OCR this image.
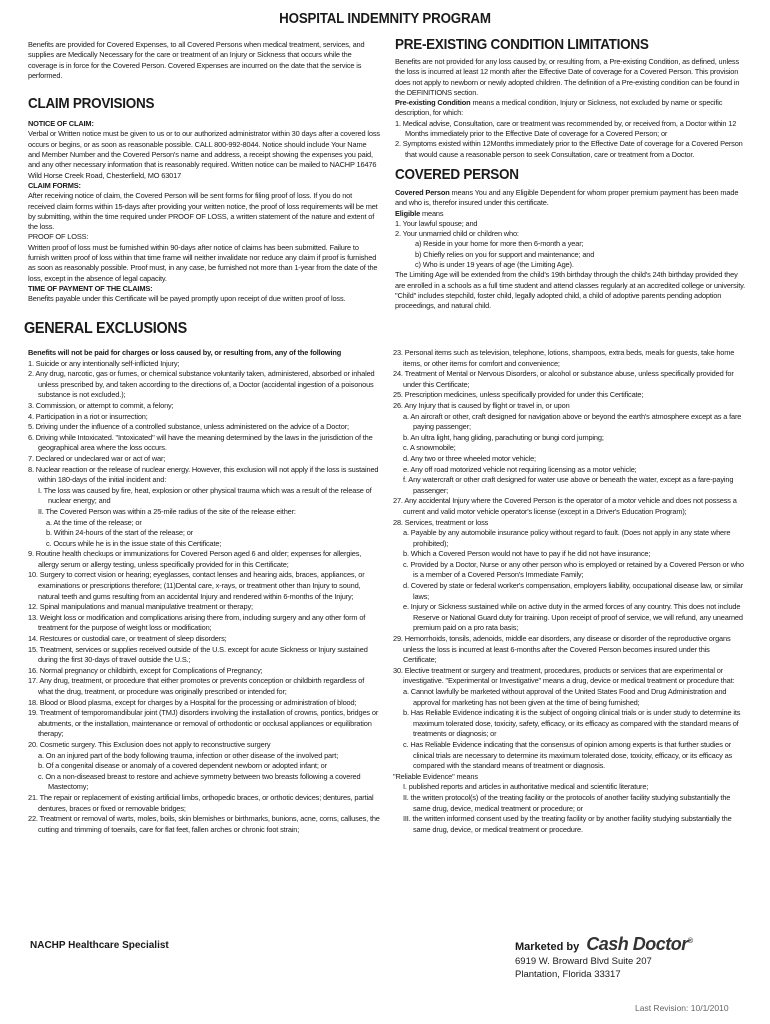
HOSPITAL INDEMNITY PROGRAM

Benefits are provided for Covered Expenses, to all Covered Persons when medical treatment, services, and supplies are Medically Necessary for the care or treatment of an Injury or Sickness that occurs while the coverage is in force for the Covered Person. Covered Expenses are incurred on the date that the service is performed.

CLAIM PROVISIONS

NOTICE OF CLAIM:

Verbal or Written notice must be given to us or to our authorized administrator within 30 days after a covered loss occurs or begins, or as soon as reasonable possible. CALL 800-992-8044. Notice should include Your Name and Member Number and the Covered Person's name and address, a receipt showing the expenses you paid, and any other necessary information that is reasonably required. Written notice can be mailed to NACHP 16476 Wild Horse Creek Road, Chesterfield, MO 63017

CLAIM FORMS:

After receiving notice of claim, the Covered Person will be sent forms for filing proof of loss. If you do not received claim forms within 15-days after providing your written notice, the proof of loss requirements will be met by submitting, within the time required under PROOF OF LOSS, a written statement of the nature and extent of the loss.

PROOF OF LOSS:

Written proof of loss must be furnished within 90-days after notice of claims has been submitted. Failure to furnish written proof of loss within that time frame will neither invalidate nor reduce any claim if proof is furnished as soon as reasonably possible. Proof must, in any case, be furnished not more than 1-year from the date of the loss, except in the absence of legal capacity.

TIME OF PAYMENT OF THE CLAIMS:

Benefits payable under this Certificate will be payed promptly upon receipt of due written proof of loss.

PRE-EXISTING CONDITION LIMITATIONS

Benefits are not provided for any loss caused by, or resulting from, a Pre-existing Condition, as defined, unless the loss is incurred at least 12 month after the Effective Date of coverage for a Covered Person. This provision does not apply to newborn or newly adopted children. The definition of a Pre-existing condition can be found in the DEFINITIONS section.

Pre-existing Condition means a medical condition, Injury or Sickness, not excluded by name or specific description, for which:

1. Medical advise, Consultation, care or treatment was recommended by, or received from, a Doctor within 12 Months immediately prior to the Effective Date of coverage for a Covered Person; or

2. Symptoms existed within 12Months immediately prior to the Effective Date of coverage for a Covered Person that would cause a reasonable person to seek Consultation, care or treatment from a Doctor.

COVERED PERSON

Covered Person means You and any Eligible Dependent for whom proper premium payment has been made and who is, therefor insured under this certificate.

Eligible means

1. Your lawful spouse; and

2. Your unmarried child or children who:

a) Reside in your home for more then 6-month a year;

b) Chiefly relies on you for support and maintenance; and

c) Who is under 19 years of age (the Limiting Age).

The Limiting Age will be extended from the child's 19th birthday through the child's 24th birthday provided they are enrolled in a schools as a full time student and attend classes regularly at an accredited college or university.

"Child" includes stepchild, foster child, legally adopted child, a child of adoptive parents pending adoption proceedings, and natural child.

GENERAL EXCLUSIONS

Benefits will not be paid for charges or loss caused by, or resulting from, any of the following

1. Suicide or any intentionally self-inflicted Injury;

2. Any drug, narcotic, gas or fumes, or chemical substance voluntarily taken, administered, absorbed or inhaled unless prescribed by, and taken according to the directions of, a Doctor (accidental ingestion of a poisonous substance is not excluded.);

3. Commission, or attempt to commit, a felony;

4. Participation in a riot or insurrection;

5. Driving under the influence of a controlled substance, unless administered on the advice of a Doctor;

6. Driving while Intoxicated. "Intoxicated" will have the meaning determined by the laws in the jurisdiction of the geographical area where the loss occurs.

7. Declared or undeclared war or act of war;

8. Nuclear reaction or the release of nuclear energy. However, this exclusion will not apply if the loss is sustained within 180-days of the initial incident and:

I. The loss was caused by fire, heat, explosion or other physical trauma which was a result of the release of nuclear energy; and

II. The Covered Person was within a 25-mile radius of the site of the release either:

a. At the time of the release; or

b. Within 24-hours of the start of the release; or

c. Occurs while he is in the issue state of this Certificate;

9. Routine health checkups or immunizations for Covered Person aged 6 and older; expenses for allergies, allergy serum or allergy testing, unless specifically provided for in this Certificate;

10. Surgery to correct vision or hearing; eyeglasses, contact lenses and hearing aids, braces, appliances, or examinations or prescriptions therefore; (11)Dental care, x-rays, or treatment other than Injury to sound, natural teeth and gums resulting from an accidental Injury and rendered within 6-months of the Injury;

12. Spinal manipulations and manual manipulative treatment or therapy;

13. Weight loss or modification and complications arising there from, including surgery and any other form of treatment for the purpose of weight loss or modification;

14. Restcures or custodial care, or treatment of sleep disorders;

15. Treatment, services or supplies received outside of the U.S. except for acute Sickness or Injury sustained during the first 30-days of travel outside the U.S.;

16. Normal pregnancy or childbirth, except for Complications of Pregnancy;

17. Any drug, treatment, or procedure that either promotes or prevents conception or childbirth regardless of what the drug, treatment, or procedure was originally prescribed or intended for;

18. Blood or Blood plasma, except for charges by a Hospital for the processing or administration of blood;

19. Treatment of temporomandibular joint (TMJ) disorders involving the installation of crowns, pontics, bridges or abutments, or the installation, maintenance or removal of orthodontic or occlusal appliances or equilibration therapy;

20. Cosmetic surgery. This Exclusion does not apply to reconstructive surgery

a. On an injured part of the body following trauma, infection or other disease of the involved part;

b. Of a congenital disease or anomaly of a covered dependent newborn or adopted infant; or

c. On a non-diseased breast to restore and achieve symmetry between two breasts following a covered Mastectomy;

21. The repair or replacement of existing artificial limbs, orthopedic braces, or orthotic devices; dentures, partial dentures, braces or fixed or removable bridges;

22. Treatment or removal of warts, moles, boils, skin blemishes or birthmarks, bunions, acne, corns, calluses, the cutting and trimming of toenails, care for flat feet, fallen arches or chronic foot strain;

23. Personal items such as television, telephone, lotions, shampoos, extra beds, meals for guests, take home items, or other items for comfort and convenience;

24. Treatment of Mental or Nervous Disorders, or alcohol or substance abuse, unless specifically provided for under this Certificate;

25. Prescription medicines, unless specifically provided for under this Certificate;

26. Any Injury that is caused by flight or travel in, or upon

a. An aircraft or other, craft designed for navigation above or beyond the earth's atmosphere except as a fare paying passenger;

b. An ultra light, hang gliding, parachuting or bungi cord jumping;

c. A snowmobile;

d. Any two or three wheeled motor vehicle;

e. Any off road motorized vehicle not requiring licensing as a motor vehicle;

f. Any watercraft or other craft designed for water use above or beneath the water, except as a fare-paying passenger;

27. Any accidental Injury where the Covered Person is the operator of a motor vehicle and does not possess a current and valid motor vehicle operator's license (except in a Driver's Education Program);

28. Services, treatment or loss

a. Payable by any automobile insurance policy without regard to fault. (Does not apply in any state where prohibited);

b. Which a Covered Person would not have to pay if he did not have insurance;

c. Provided by a Doctor, Nurse or any other person who is employed or retained by a Covered Person or who is a member of a Covered Person's Immediate Family;

d. Covered by state or federal worker's compensation, employers liability, occupational disease law, or similar laws;

e. Injury or Sickness sustained while on active duty in the armed forces of any country. This does not include Reserve or National Guard duty for training. Upon receipt of proof of service, we will refund, any unearned premium paid on a pro rata basis;

29. Hemorrhoids, tonsils, adenoids, middle ear disorders, any disease or disorder of the reproductive organs unless the loss is incurred at least 6-months after the Covered Person becomes insured under this Certificate;

30. Elective treatment or surgery and treatment, procedures, products or services that are experimental or investigative. "Experimental or Investigative" means a drug, device or medical treatment or procedure that:

a. Cannot lawfully be marketed without approval of the United States Food and Drug Administration and approval for marketing has not been given at the time of being furnished;

b. Has Reliable Evidence indicating it is the subject of ongoing clinical trials or is under study to determine its maximum tolerated dose, toxicity, safety, efficacy, or its efficacy as compared with the standard means of treatments or diagnosis; or

c. Has Reliable Evidence indicating that the consensus of opinion among experts is that further studies or clinical trials are necessary to determine its maximum tolerated dose, toxicity, efficacy, or its efficacy as compared with the standard means of treatment or diagnosis.

"Reliable Evidence" means

I. published reports and articles in authoritative medical and scientific literature;

II. the written protocol(s) of the treating facility or the protocols of another facility studying substantially the same drug, device, medical treatment or procedure; or

III. the written informed consent used by the treating facility or by another facility studying substantially the same drug, device, or medical treatment or procedure.

NACHP Healthcare Specialist	Marketed by Cash Doctor®
6919 W. Broward Blvd Suite 207
Plantation, Florida 33317
Last Revision: 10/1/2010
